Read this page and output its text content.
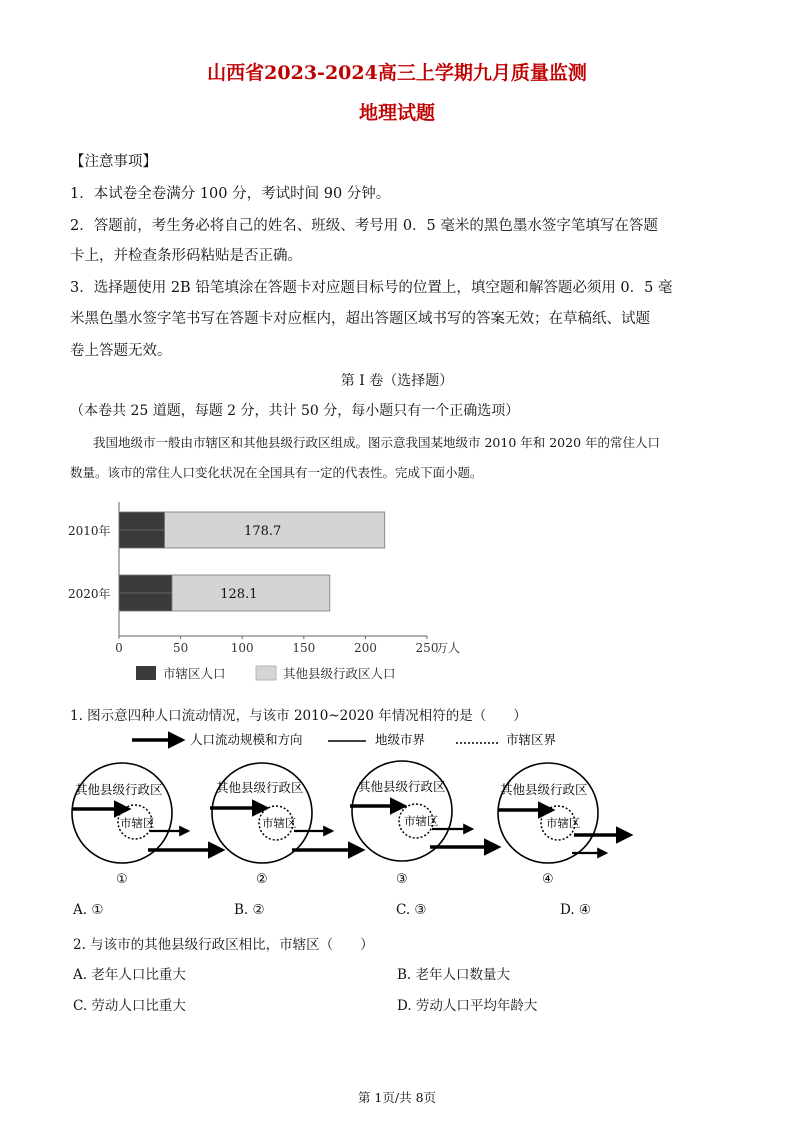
山西省2023-2024高三上学期九月质量监测
地理试题
【注意事项】
1．本试卷全卷满分 100 分，考试时间 90 分钟。
2．答题前，考生务必将自己的姓名、班级、考号用 0．5 毫米的黑色墨水签字笔填写在答题
卡上，并检查条形码粘贴是否正确。
3．选择题使用 2B 铅笔填涂在答题卡对应题目标号的位置上，填空题和解答题必须用 0．5 毫
米黑色墨水签字笔书写在答题卡对应框内，超出答题区域书写的答案无效；在草稿纸、试题
卷上答题无效。
第 I 卷（选择题）
（本卷共 25 道题，每题 2 分，共计 50 分，每小题只有一个正确选项）
我国地级市一般由市辖区和其他县级行政区组成。图示意我国某地级市 2010 年和 2020 年的常住人口
数量。该市的常住人口变化状况在全国具有一定的代表性。完成下面小题。
2010年	178.7
2020年	128.1
0	50	100	150	200	250
万人
市辖区人口	其他县级行政区人口
1. 图示意四种人口流动情况，与该市 2010~2020 年情况相符的是（　　）
人口流动规模和方向	地级市界	市辖区界
其他县级行政区
市辖区
①
其他县级行政区
市辖区
②
其他县级行政区
市辖区
③
其他县级行政区
市辖区
④
A. ①	B. ②	C. ③	D. ④
2. 与该市的其他县级行政区相比，市辖区（　　）
A. 老年人口比重大	B. 老年人口数量大
C. 劳动人口比重大	D. 劳动人口平均年龄大
第 1页/共 8页
